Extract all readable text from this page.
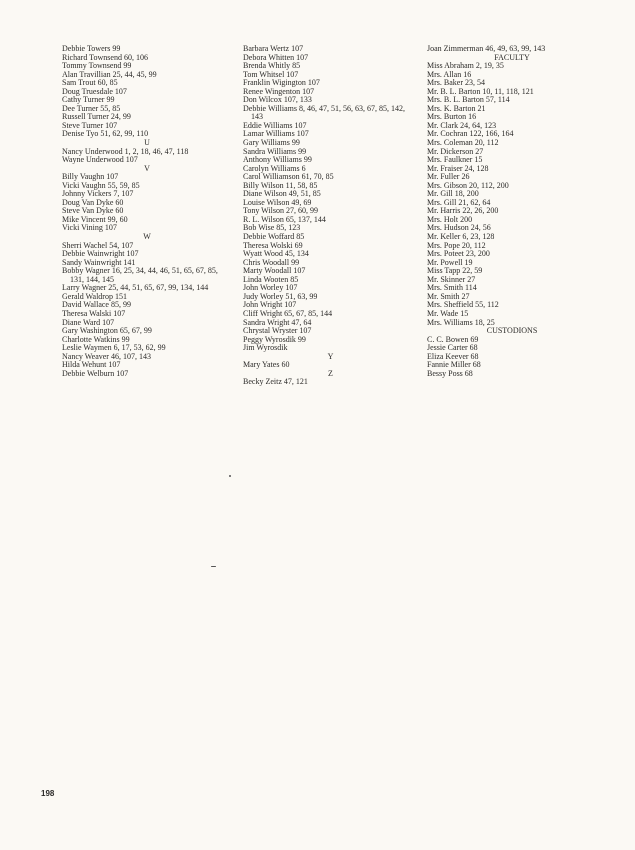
Debbie Towers 99
Richard Townsend 60, 106
Tommy Townsend 99
Alan Travillian 25, 44, 45, 99
Sam Trout 60, 85
Doug Truesdale 107
Cathy Turner 99
Dee Turner 55, 85
Russell Turner 24, 99
Steve Turner 107
Denise Tyo 51, 62, 99, 110
U
Nancy Underwood 1, 2, 18, 46, 47, 118
Wayne Underwood 107
V
Billy Vaughn 107
Vicki Vaughn 55, 59, 85
Johnny Vickers 7, 107
Doug Van Dyke 60
Steve Van Dyke 60
Mike Vincent 99, 60
Vicki Vining 107
W
Sherri Wachel 54, 107
Debbie Wainwright 107
Sandy Wainwright 141
Bobby Wagner 16, 25, 34, 44, 46, 51, 65, 67, 85, 131, 144, 145
Larry Wagner 25, 44, 51, 65, 67, 99, 134, 144
Gerald Waldrop 151
David Wallace 85, 99
Theresa Walski 107
Diane Ward 107
Gary Washington 65, 67, 99
Charlotte Watkins 99
Leslie Waymen 6, 17, 53, 62, 99
Nancy Weaver 46, 107, 143
Hilda Wehunt 107
Debbie Welburn 107
Barbara Wertz 107
Debora Whitten 107
Brenda Whitly 85
Tom Whitsel 107
Franklin Wigington 107
Renee Wingenton 107
Don Wilcox 107, 133
Debbie Williams 8, 46, 47, 51, 56, 63, 67, 85, 142, 143
Eddie Williams 107
Lamar Williams 107
Gary Williams 99
Sandra Williams 99
Anthony Williams 99
Carolyn Williams 6
Carol Williamson 61, 70, 85
Billy Wilson 11, 58, 85
Diane Wilson 49, 51, 85
Louise Wilson 49, 69
Tony Wilson 27, 60, 99
R. L. Wilson 65, 137, 144
Bob Wise 85, 123
Debbie Woffard 85
Theresa Wolski 69
Wyatt Wood 45, 134
Chris Woodall 99
Marty Woodall 107
Linda Wooten 85
John Worley 107
Judy Worley 51, 63, 99
John Wright 107
Cliff Wright 65, 67, 85, 144
Sandra Wright 47, 64
Chrystal Wryster 107
Peggy Wyrosdik 99
Jim Wyrosdik
Y
Mary Yates 60
Z
Becky Zeitz 47, 121
Joan Zimmerman 46, 49, 63, 99, 143
FACULTY
Miss Abraham 2, 19, 35
Mrs. Allan 16
Mrs. Baker 23, 54
Mr. B. L. Barton 10, 11, 118, 121
Mrs. B. L. Barton 57, 114
Mrs. K. Barton 21
Mrs. Burton 16
Mr. Clark 24, 64, 123
Mr. Cochran 122, 166, 164
Mrs. Coleman 20, 112
Mr. Dickerson 27
Mrs. Faulkner 15
Mr. Fraiser 24, 128
Mr. Fuller 26
Mrs. Gibson 20, 112, 200
Mr. Gill 18, 200
Mrs. Gill 21, 62, 64
Mr. Harris 22, 26, 200
Mrs. Holt 200
Mrs. Hudson 24, 56
Mr. Keller 6, 23, 128
Mrs. Pope 20, 112
Mrs. Poteet 23, 200
Mr. Powell 19
Miss Tapp 22, 59
Mr. Skinner 27
Mrs. Smith 114
Mr. Smith 27
Mrs. Sheffield 55, 112
Mr. Wade 15
Mrs. Williams 18, 25
CUSTODIONS
C. C. Bowen 69
Jessie Carter 68
Eliza Keever 68
Fannie Miller 68
Bessy Poss 68
198
